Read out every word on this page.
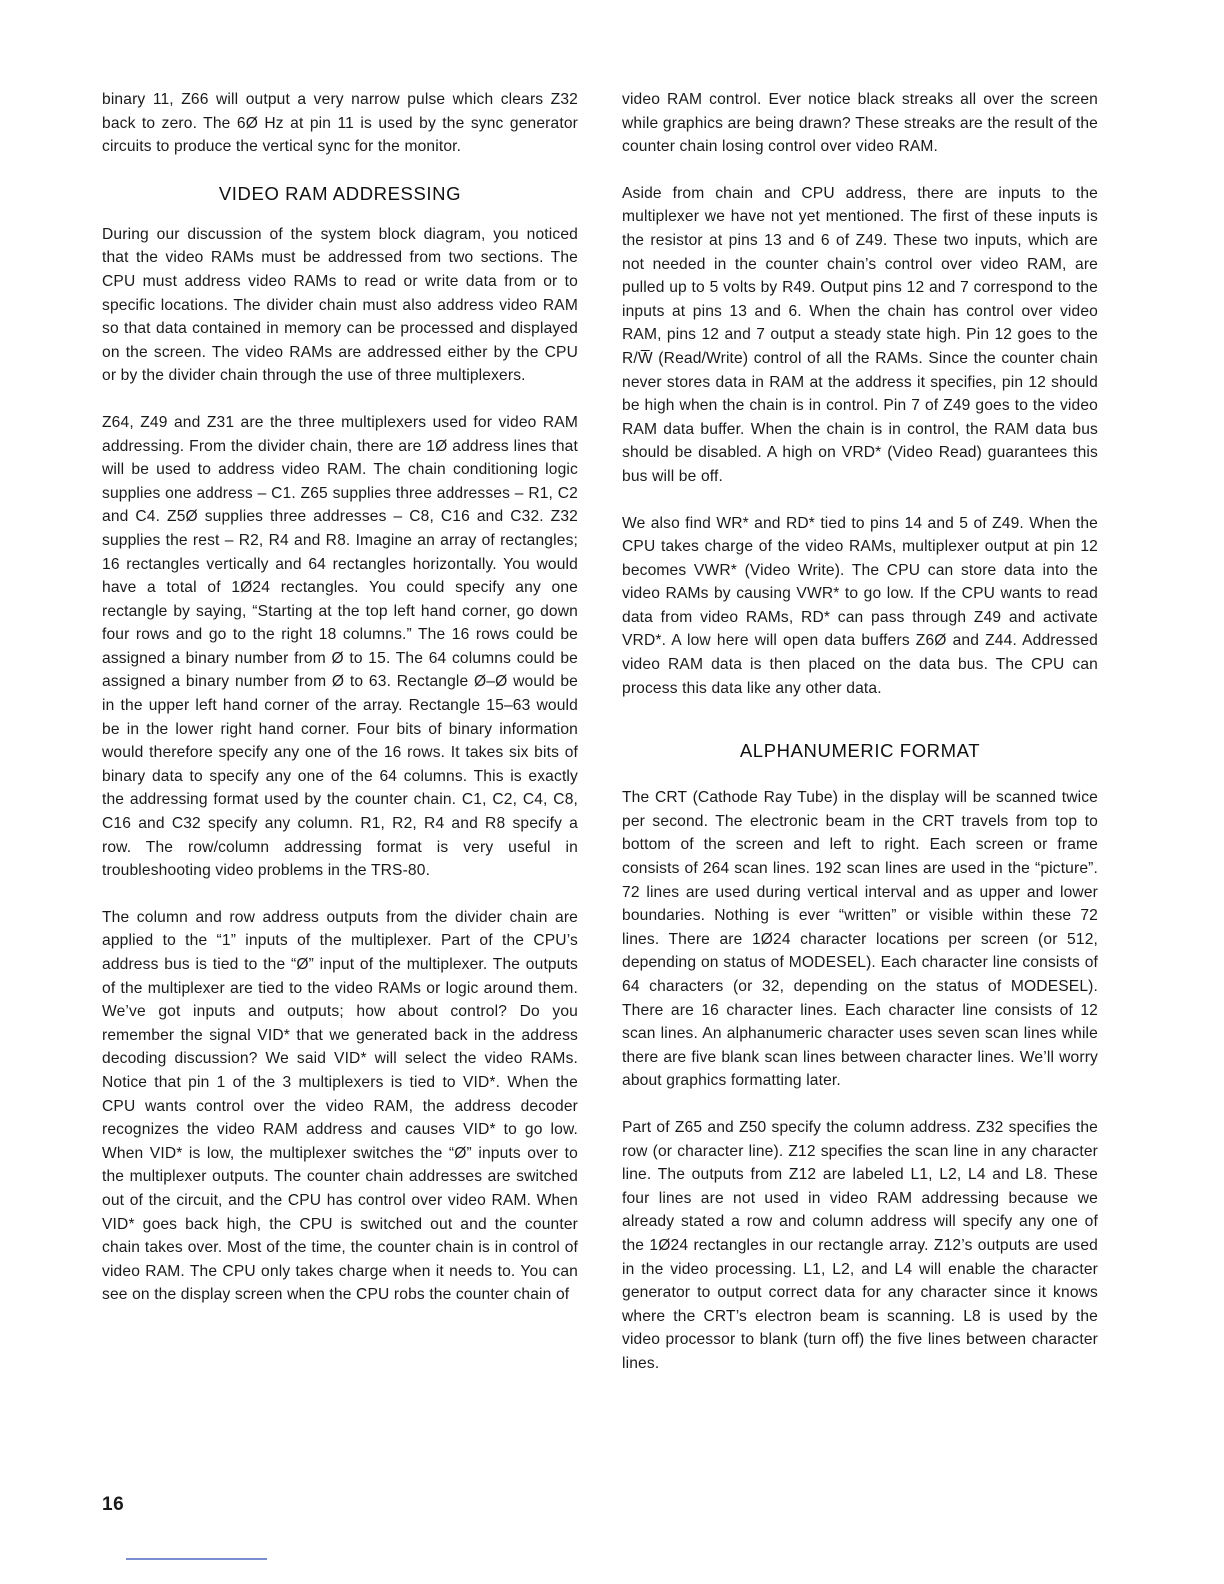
binary 11, Z66 will output a very narrow pulse which clears Z32 back to zero. The 6Ø Hz at pin 11 is used by the sync generator circuits to produce the vertical sync for the monitor.

VIDEO RAM ADDRESSING

During our discussion of the system block diagram, you noticed that the video RAMs must be addressed from two sections. The CPU must address video RAMs to read or write data from or to specific locations. The divider chain must also address video RAM so that data contained in memory can be processed and displayed on the screen. The video RAMs are addressed either by the CPU or by the divider chain through the use of three multiplexers.

Z64, Z49 and Z31 are the three multiplexers used for video RAM addressing. From the divider chain, there are 1Ø address lines that will be used to address video RAM. The chain conditioning logic supplies one address – C1. Z65 supplies three addresses – R1, C2 and C4. Z5Ø supplies three addresses – C8, C16 and C32. Z32 supplies the rest – R2, R4 and R8. Imagine an array of rectangles; 16 rectangles vertically and 64 rectangles horizontally. You would have a total of 1Ø24 rectangles. You could specify any one rectangle by saying, “Starting at the top left hand corner, go down four rows and go to the right 18 columns.” The 16 rows could be assigned a binary number from Ø to 15. The 64 columns could be assigned a binary number from Ø to 63. Rectangle Ø–Ø would be in the upper left hand corner of the array. Rectangle 15–63 would be in the lower right hand corner. Four bits of binary information would therefore specify any one of the 16 rows. It takes six bits of binary data to specify any one of the 64 columns. This is exactly the addressing format used by the counter chain. C1, C2, C4, C8, C16 and C32 specify any column. R1, R2, R4 and R8 specify a row. The row/column addressing format is very useful in troubleshooting video problems in the TRS-80.

The column and row address outputs from the divider chain are applied to the “1” inputs of the multiplexer. Part of the CPU’s address bus is tied to the “Ø” input of the multiplexer. The outputs of the multiplexer are tied to the video RAMs or logic around them. We’ve got inputs and outputs; how about control? Do you remember the signal VID* that we generated back in the address decoding discussion? We said VID* will select the video RAMs. Notice that pin 1 of the 3 multiplexers is tied to VID*. When the CPU wants control over the video RAM, the address decoder recognizes the video RAM address and causes VID* to go low. When VID* is low, the multiplexer switches the “Ø” inputs over to the multiplexer outputs. The counter chain addresses are switched out of the circuit, and the CPU has control over video RAM. When VID* goes back high, the CPU is switched out and the counter chain takes over. Most of the time, the counter chain is in control of video RAM. The CPU only takes charge when it needs to. You can see on the display screen when the CPU robs the counter chain of

video RAM control. Ever notice black streaks all over the screen while graphics are being drawn? These streaks are the result of the counter chain losing control over video RAM.

Aside from chain and CPU address, there are inputs to the multiplexer we have not yet mentioned. The first of these inputs is the resistor at pins 13 and 6 of Z49. These two inputs, which are not needed in the counter chain’s control over video RAM, are pulled up to 5 volts by R49. Output pins 12 and 7 correspond to the inputs at pins 13 and 6. When the chain has control over video RAM, pins 12 and 7 output a steady state high. Pin 12 goes to the R/W̅ (Read/Write) control of all the RAMs. Since the counter chain never stores data in RAM at the address it specifies, pin 12 should be high when the chain is in control. Pin 7 of Z49 goes to the video RAM data buffer. When the chain is in control, the RAM data bus should be disabled. A high on VRD* (Video Read) guarantees this bus will be off.

We also find WR* and RD* tied to pins 14 and 5 of Z49. When the CPU takes charge of the video RAMs, multiplexer output at pin 12 becomes VWR* (Video Write). The CPU can store data into the video RAMs by causing VWR* to go low. If the CPU wants to read data from video RAMs, RD* can pass through Z49 and activate VRD*. A low here will open data buffers Z6Ø and Z44. Addressed video RAM data is then placed on the data bus. The CPU can process this data like any other data.

ALPHANUMERIC FORMAT

The CRT (Cathode Ray Tube) in the display will be scanned twice per second. The electronic beam in the CRT travels from top to bottom of the screen and left to right. Each screen or frame consists of 264 scan lines. 192 scan lines are used in the “picture”. 72 lines are used during vertical interval and as upper and lower boundaries. Nothing is ever “written” or visible within these 72 lines. There are 1Ø24 character locations per screen (or 512, depending on status of MODESEL). Each character line consists of 64 characters (or 32, depending on the status of MODESEL). There are 16 character lines. Each character line consists of 12 scan lines. An alphanumeric character uses seven scan lines while there are five blank scan lines between character lines. We’ll worry about graphics formatting later.

Part of Z65 and Z50 specify the column address. Z32 specifies the row (or character line). Z12 specifies the scan line in any character line. The outputs from Z12 are labeled L1, L2, L4 and L8. These four lines are not used in video RAM addressing because we already stated a row and column address will specify any one of the 1Ø24 rectangles in our rectangle array. Z12’s outputs are used in the video processing. L1, L2, and L4 will enable the character generator to output correct data for any character since it knows where the CRT’s electron beam is scanning. L8 is used by the video processor to blank (turn off) the five lines between character lines.

16
